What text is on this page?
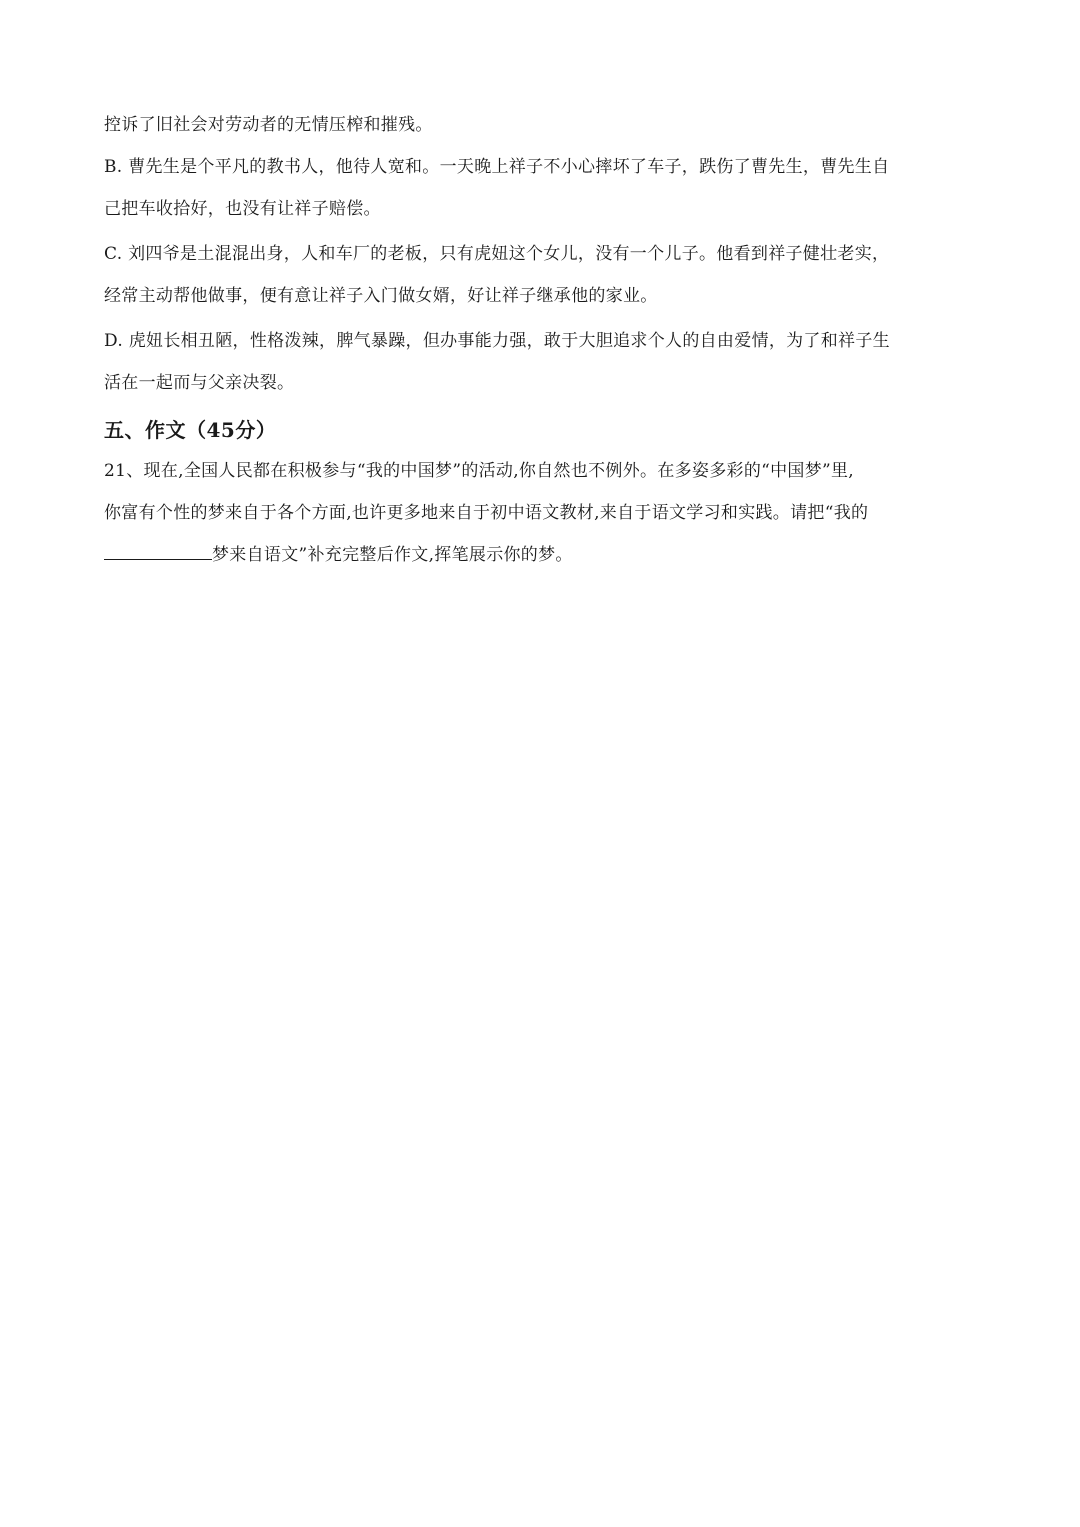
控诉了旧社会对劳动者的无情压榨和摧残。
B. 曹先生是个平凡的教书人，他待人宽和。一天晚上祥子不小心摔坏了车子，跌伤了曹先生，曹先生自
己把车收拾好，也没有让祥子赔偿。
C. 刘四爷是土混混出身，人和车厂的老板，只有虎妞这个女儿，没有一个儿子。他看到祥子健壮老实，
经常主动帮他做事，便有意让祥子入门做女婿，好让祥子继承他的家业。
D. 虎妞长相丑陋，性格泼辣，脾气暴躁，但办事能力强，敢于大胆追求个人的自由爱情，为了和祥子生
活在一起而与父亲决裂。
五、作文（45分）
21、现在,全国人民都在积极参与“我的中国梦”的活动,你自然也不例外。在多姿多彩的“中国梦”里,
你富有个性的梦来自于各个方面,也许更多地来自于初中语文教材,来自于语文学习和实践。请把“我的
梦来自语文”补充完整后作文,挥笔展示你的梦。
